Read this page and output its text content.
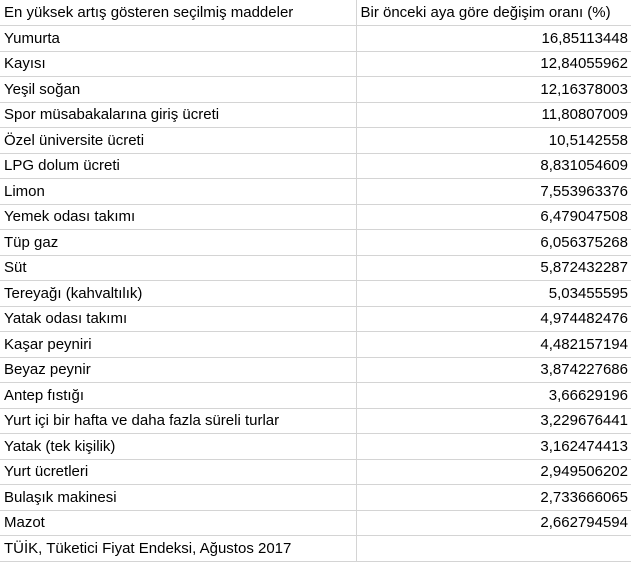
En yüksek artış gösteren seçilmiş maddeler	Bir önceki aya göre değişim oranı (%)
Yumurta	16,85113448
Kayısı	12,84055962
Yeşil soğan	12,16378003
Spor müsabakalarına giriş ücreti	11,80807009
Özel üniversite ücreti	10,5142558
LPG dolum ücreti	8,831054609
Limon	7,553963376
Yemek odası takımı	6,479047508
Tüp gaz	6,056375268
Süt	5,872432287
Tereyağı (kahvaltılık)	5,03455595
Yatak odası takımı	4,974482476
Kaşar peyniri	4,482157194
Beyaz peynir	3,874227686
Antep fıstığı	3,66629196
Yurt içi bir hafta ve daha fazla süreli turlar	3,229676441
Yatak (tek kişilik)	3,162474413
Yurt ücretleri	2,949506202
Bulaşık makinesi	2,733666065
Mazot	2,662794594
TÜİK, Tüketici Fiyat Endeksi, Ağustos 2017	
